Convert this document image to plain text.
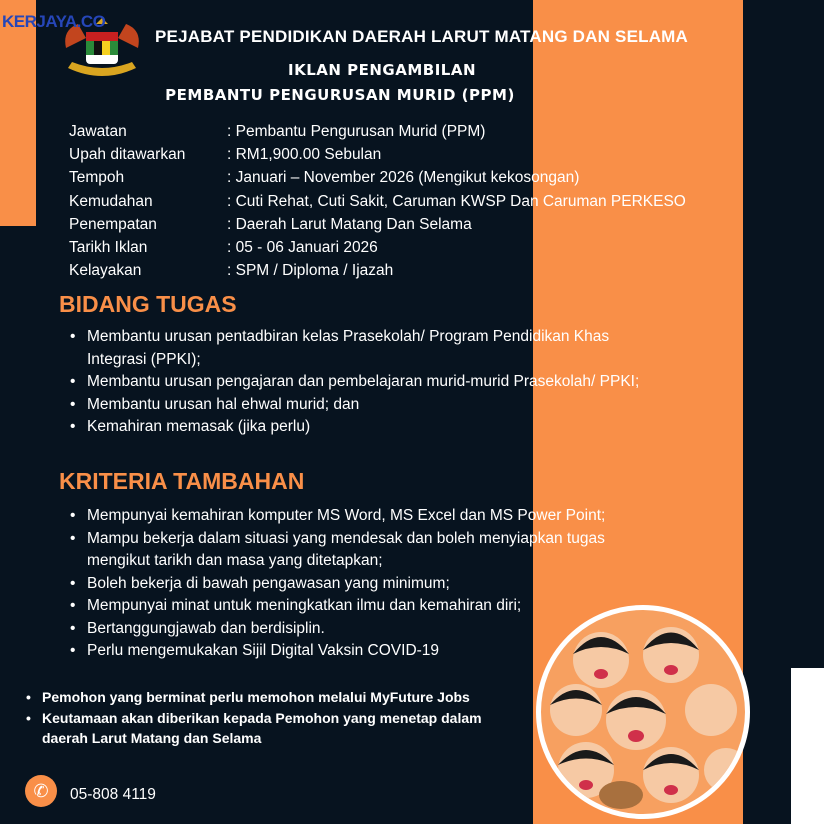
KERJAYA.CO
PEJABAT PENDIDIKAN DAERAH LARUT MATANG DAN SELAMA
IKLAN PENGAMBILAN
PEMBANTU PENGURUSAN MURID (PPM)
Jawatan	: Pembantu Pengurusan Murid (PPM)
Upah ditawarkan	: RM1,900.00 Sebulan
Tempoh	: Januari – November 2026 (Mengikut kekosongan)
Kemudahan	: Cuti Rehat, Cuti Sakit, Caruman KWSP Dan Caruman PERKESO
Penempatan	: Daerah Larut Matang Dan Selama
Tarikh Iklan	: 05 - 06 Januari 2026
Kelayakan	: SPM / Diploma / Ijazah
BIDANG TUGAS
• Membantu urusan pentadbiran kelas Prasekolah/ Program Pendidikan Khas Integrasi (PPKI);
• Membantu urusan pengajaran dan pembelajaran murid-murid Prasekolah/ PPKI;
• Membantu urusan hal ehwal murid; dan
• Kemahiran memasak (jika perlu)
KRITERIA TAMBAHAN
• Mempunyai kemahiran komputer MS Word, MS Excel dan MS Power Point;
• Mampu bekerja dalam situasi yang mendesak dan boleh menyiapkan tugas mengikut tarikh dan masa yang ditetapkan;
• Boleh bekerja di bawah pengawasan yang minimum;
• Mempunyai minat untuk meningkatkan ilmu dan kemahiran diri;
• Bertanggungjawab dan berdisiplin.
• Perlu mengemukakan Sijil Digital Vaksin COVID-19
• Pemohon yang berminat perlu memohon melalui MyFuture Jobs
• Keutamaan akan diberikan kepada Pemohon yang menetap dalam daerah Larut Matang dan Selama
✆	05-808 4119
